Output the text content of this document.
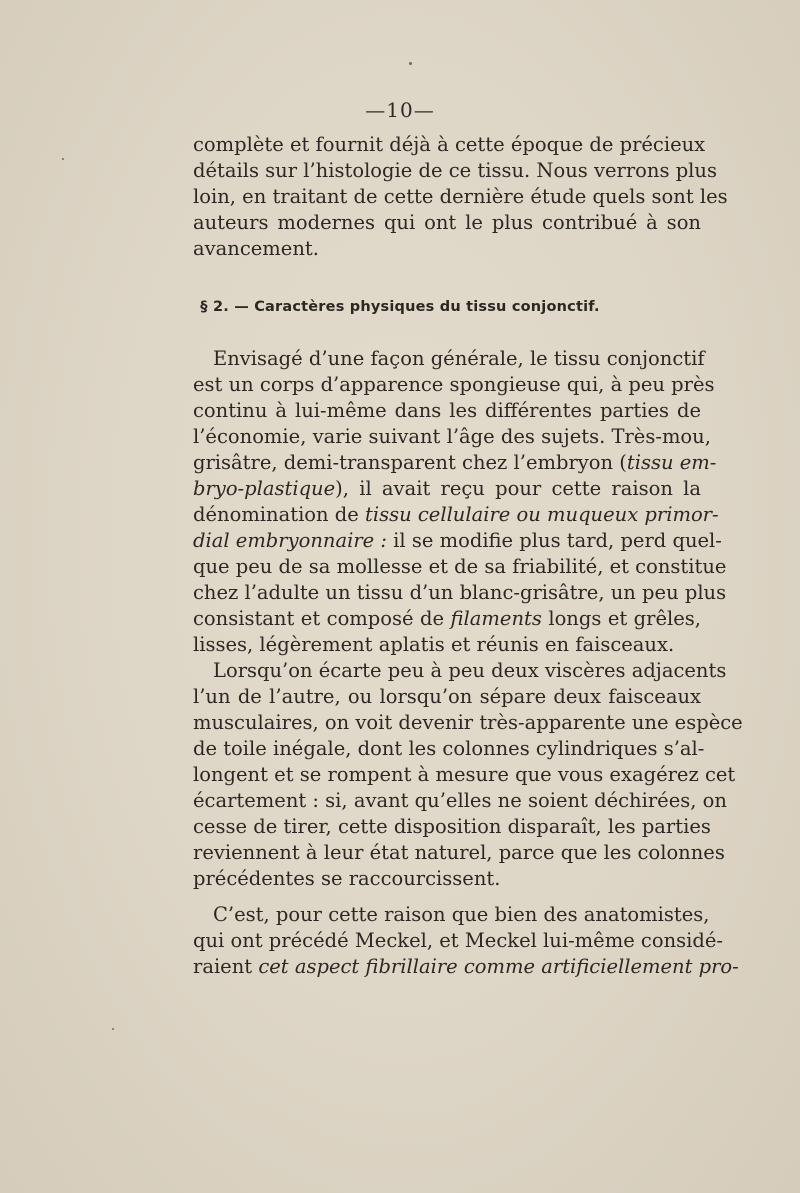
—10—
complète et fournit déjà à cette époque de précieux
détails sur l’histologie de ce tissu. Nous verrons plus
loin, en traitant de cette dernière étude quels sont les
auteurs modernes qui ont le plus contribué à son
avancement.
§ 2. — Caractères physiques du tissu conjonctif.
Envisagé d’une façon générale, le tissu conjonctif
est un corps d’apparence spongieuse qui, à peu près
continu à lui-même dans les différentes parties de
l’économie, varie suivant l’âge des sujets. Très-mou,
grisâtre, demi-transparent chez l’embryon (tissu em-
bryo-plastique), il avait reçu pour cette raison la
dénomination de tissu cellulaire ou muqueux primor-
dial embryonnaire : il se modifie plus tard, perd quel-
que peu de sa mollesse et de sa friabilité, et constitue
chez l’adulte un tissu d’un blanc-grisâtre, un peu plus
consistant et composé de filaments longs et grêles,
lisses, légèrement aplatis et réunis en faisceaux.
Lorsqu’on écarte peu à peu deux viscères adjacents
l’un de l’autre, ou lorsqu’on sépare deux faisceaux
musculaires, on voit devenir très-apparente une espèce
de toile inégale, dont les colonnes cylindriques s’al-
longent et se rompent à mesure que vous exagérez cet
écartement : si, avant qu’elles ne soient déchirées, on
cesse de tirer, cette disposition disparaît, les parties
reviennent à leur état naturel, parce que les colonnes
précédentes se raccourcissent.
C’est, pour cette raison que bien des anatomistes,
qui ont précédé Meckel, et Meckel lui-même considé-
raient cet aspect fibrillaire comme artificiellement pro-
